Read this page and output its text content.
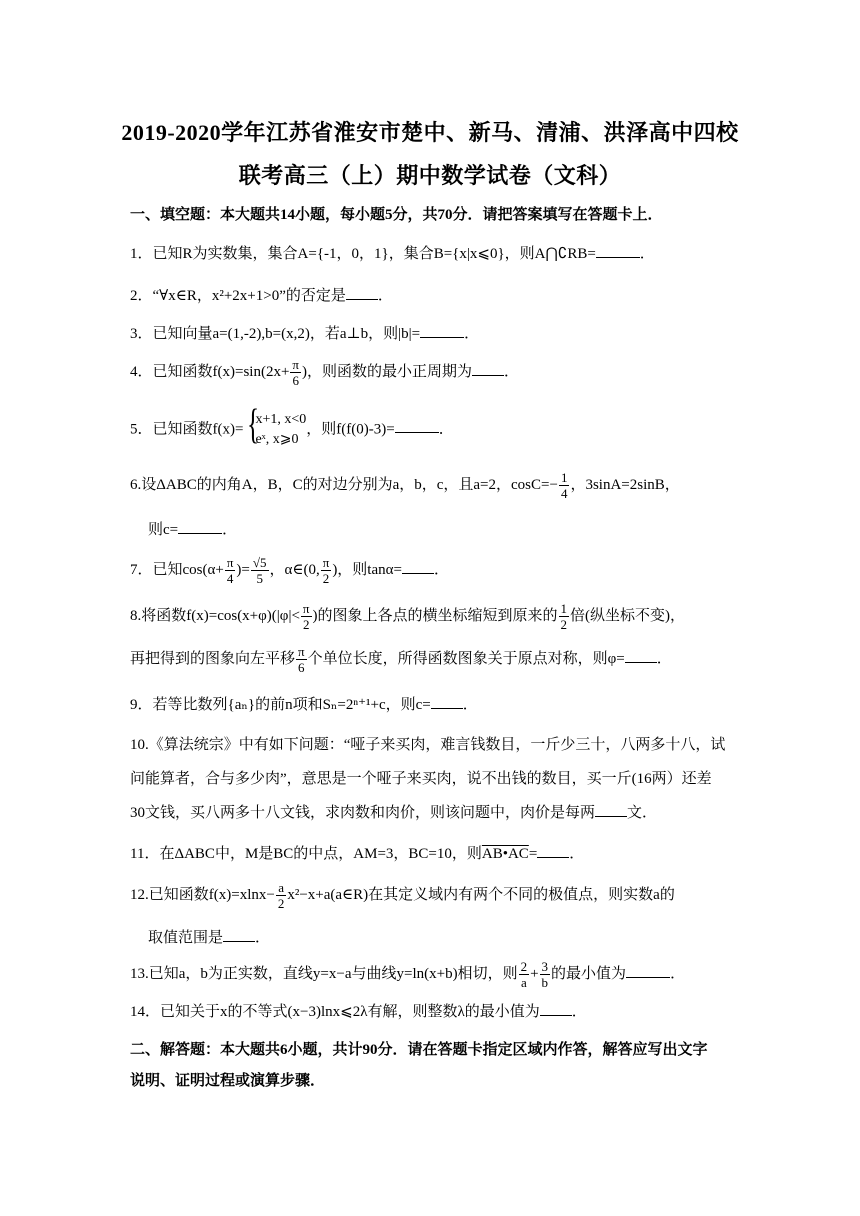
2019-2020学年江苏省淮安市楚中、新马、清浦、洪泽高中四校
联考高三（上）期中数学试卷（文科）
一、填空题：本大题共14小题，每小题5分，共70分．请把答案填写在答题卡上．
1．已知R为实数集，集合A={-1，0，1}，集合B={x|x⩽0}，则A⋂∁RB=	．
2．“∀x∈R，x²+2x+1>0”的否定是 ．
3．已知向量a=(1,-2),b=(x,2)，若a⊥b，则|b|=	．
4．已知函数$f(x)=\sin(2x+ \frac{\pi}{6}$ )，则函数的最小正周期为 ．
5．已知函数f(x)=
{ x+1, x<0
eˣ, x⩾0
，则f(f(0)-3)=	．
6.设ΔABC的内角A，B，C的对边分别为a，b，c，且a=2，$\cos C=- \frac{1}{4}$ ，3sinA=2sinB，
则c=	．
7．已知$\cos(\alpha+ \frac{\pi}{4}$ )= $\frac{√5}{5}$ ，α∈(0, $\frac{\pi}{2}$ )，则tanα= ．
8.将函数$f(x)=\cos(x+\varphi)(|\varphi|< \frac{\pi}{2}$ )的图象上各点的横坐标缩短到原来的 $\frac{1}{2}$ 倍(纵坐标不变)，
再把得到的图象向左平移 $\frac{\pi}{6}$ 个单位长度，所得函数图象关于原点对称，则φ= ．
9．若等比数列{aₙ}的前n项和Sₙ=2ⁿ⁺¹+c，则c= ．
10.《算法统宗》中有如下问题：“哑子来买肉，难言钱数目，一斤少三十，八两多十八，试
问能算者，合与多少肉”，意思是一个哑子来买肉，说不出钱的数目，买一斤(16两）还差
30文钱，买八两多十八文钱，求肉数和肉价，则该问题中，肉价是每两 文．
11．在ΔABC中，M是BC的中点，AM=3，BC=10，则AB•AC= ．
12.已知函数$f(x)=xlnx- \frac{a}{2}$ x²−x+a(a∈R)在其定义域内有两个不同的极值点，则实数a的
取值范围是 ．
13.已知a，b为正实数，直线y=x−a与曲线y=ln(x+b)相切，则 $\frac{2}{a} + \frac{3}{b}$ 的最小值为	．
14．已知关于x的不等式(x−3)lnx⩽2λ有解，则整数λ的最小值为 ．
二、解答题：本大题共6小题，共计90分．请在答题卡指定区域内作答，解答应写出文字
说明、证明过程或演算步骤．
